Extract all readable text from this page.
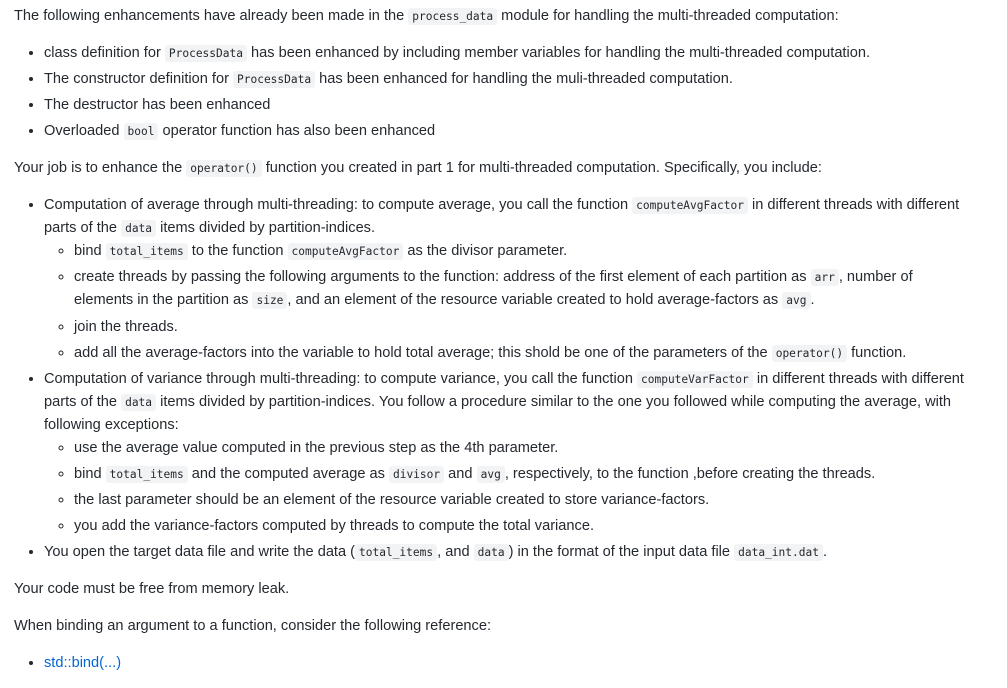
The following enhancements have already been made in the process_data module for handling the multi-threaded computation:

• class definition for ProcessData has been enhanced by including member variables for handling the multi-threaded computation.
• The constructor definition for ProcessData has been enhanced for handling the muli-threaded computation.
• The destructor has been enhanced
• Overloaded bool operator function has also been enhanced

Your job is to enhance the operator() function you created in part 1 for multi-threaded computation. Specifically, you include:

• Computation of average through multi-threading: to compute average, you call the function computeAvgFactor in different threads with different parts of the data items divided by partition-indices.
◦ bind total_items to the function computeAvgFactor as the divisor parameter.
◦ create threads by passing the following arguments to the function: address of the first element of each partition as arr , number of elements in the partition as size , and an element of the resource variable created to hold average-factors as avg .
◦ join the threads.
◦ add all the average-factors into the variable to hold total average; this shold be one of the parameters of the operator() function.
• Computation of variance through multi-threading: to compute variance, you call the function computeVarFactor in different threads with different parts of the data items divided by partition-indices. You follow a procedure similar to the one you followed while computing the average, with following exceptions:
◦ use the average value computed in the previous step as the 4th parameter.
◦ bind total_items and the computed average as divisor and avg , respectively, to the function ,before creating the threads.
◦ the last parameter should be an element of the resource variable created to store variance-factors.
◦ you add the variance-factors computed by threads to compute the total variance.
• You open the target data file and write the data ( total_items , and data ) in the format of the input data file data_int.dat .

Your code must be free from memory leak.

When binding an argument to a function, consider the following reference:

• std::bind(...)
